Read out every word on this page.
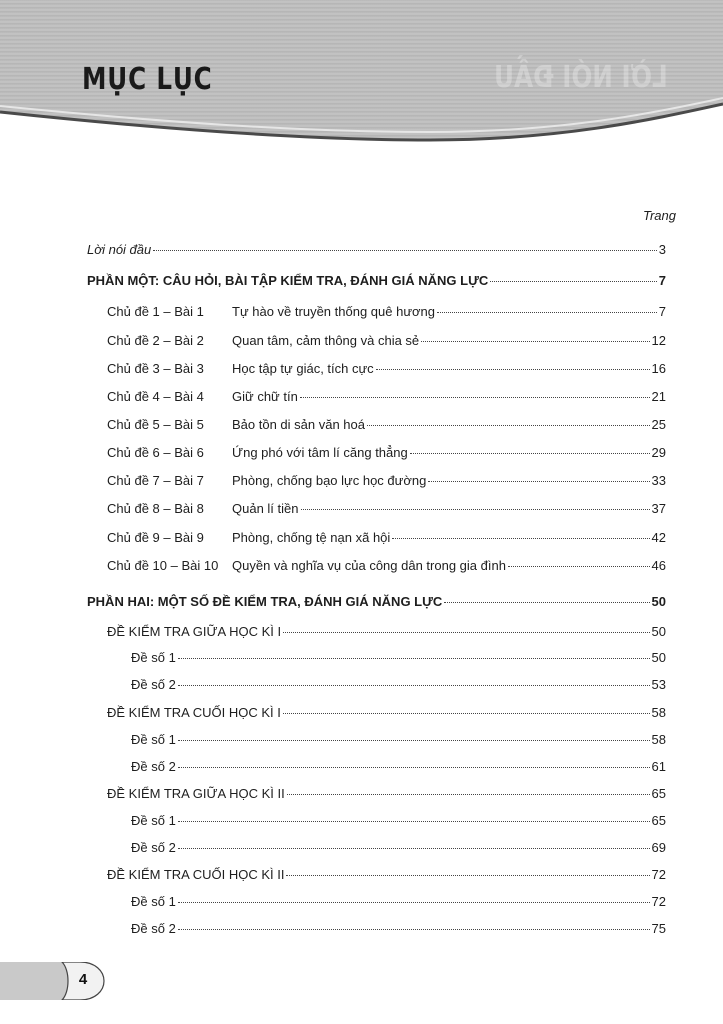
MỤC LỤC	LỜI NÓI ĐẦU
Trang
Lời nói đầu	3
PHẦN MỘT: CÂU HỎI, BÀI TẬP KIỂM TRA, ĐÁNH GIÁ NĂNG LỰC	7
Chủ đề 1 – Bài 1	Tự hào về truyền thống quê hương	7
Chủ đề 2 – Bài 2	Quan tâm, cảm thông và chia sẻ	12
Chủ đề 3 – Bài 3	Học tập tự giác, tích cực	16
Chủ đề 4 – Bài 4	Giữ chữ tín	21
Chủ đề 5 – Bài 5	Bảo tồn di sản văn hoá	25
Chủ đề 6 – Bài 6	Ứng phó với tâm lí căng thẳng	29
Chủ đề 7 – Bài 7	Phòng, chống bạo lực học đường	33
Chủ đề 8 – Bài 8	Quản lí tiền	37
Chủ đề 9 – Bài 9	Phòng, chống tệ nạn xã hội	42
Chủ đề 10 – Bài 10	Quyền và nghĩa vụ của công dân trong gia đình	46
PHẦN HAI: MỘT SỐ ĐỀ KIỂM TRA, ĐÁNH GIÁ NĂNG LỰC	50
ĐỀ KIỂM TRA GIỮA HỌC KÌ I	50
Đề số 1	50
Đề số 2	53
ĐỀ KIỂM TRA CUỐI HỌC KÌ I	58
Đề số 1	58
Đề số 2	61
ĐỀ KIỂM TRA GIỮA HỌC KÌ II	65
Đề số 1	65
Đề số 2	69
ĐỀ KIỂM TRA CUỐI HỌC KÌ II	72
Đề số 1	72
Đề số 2	75
4
